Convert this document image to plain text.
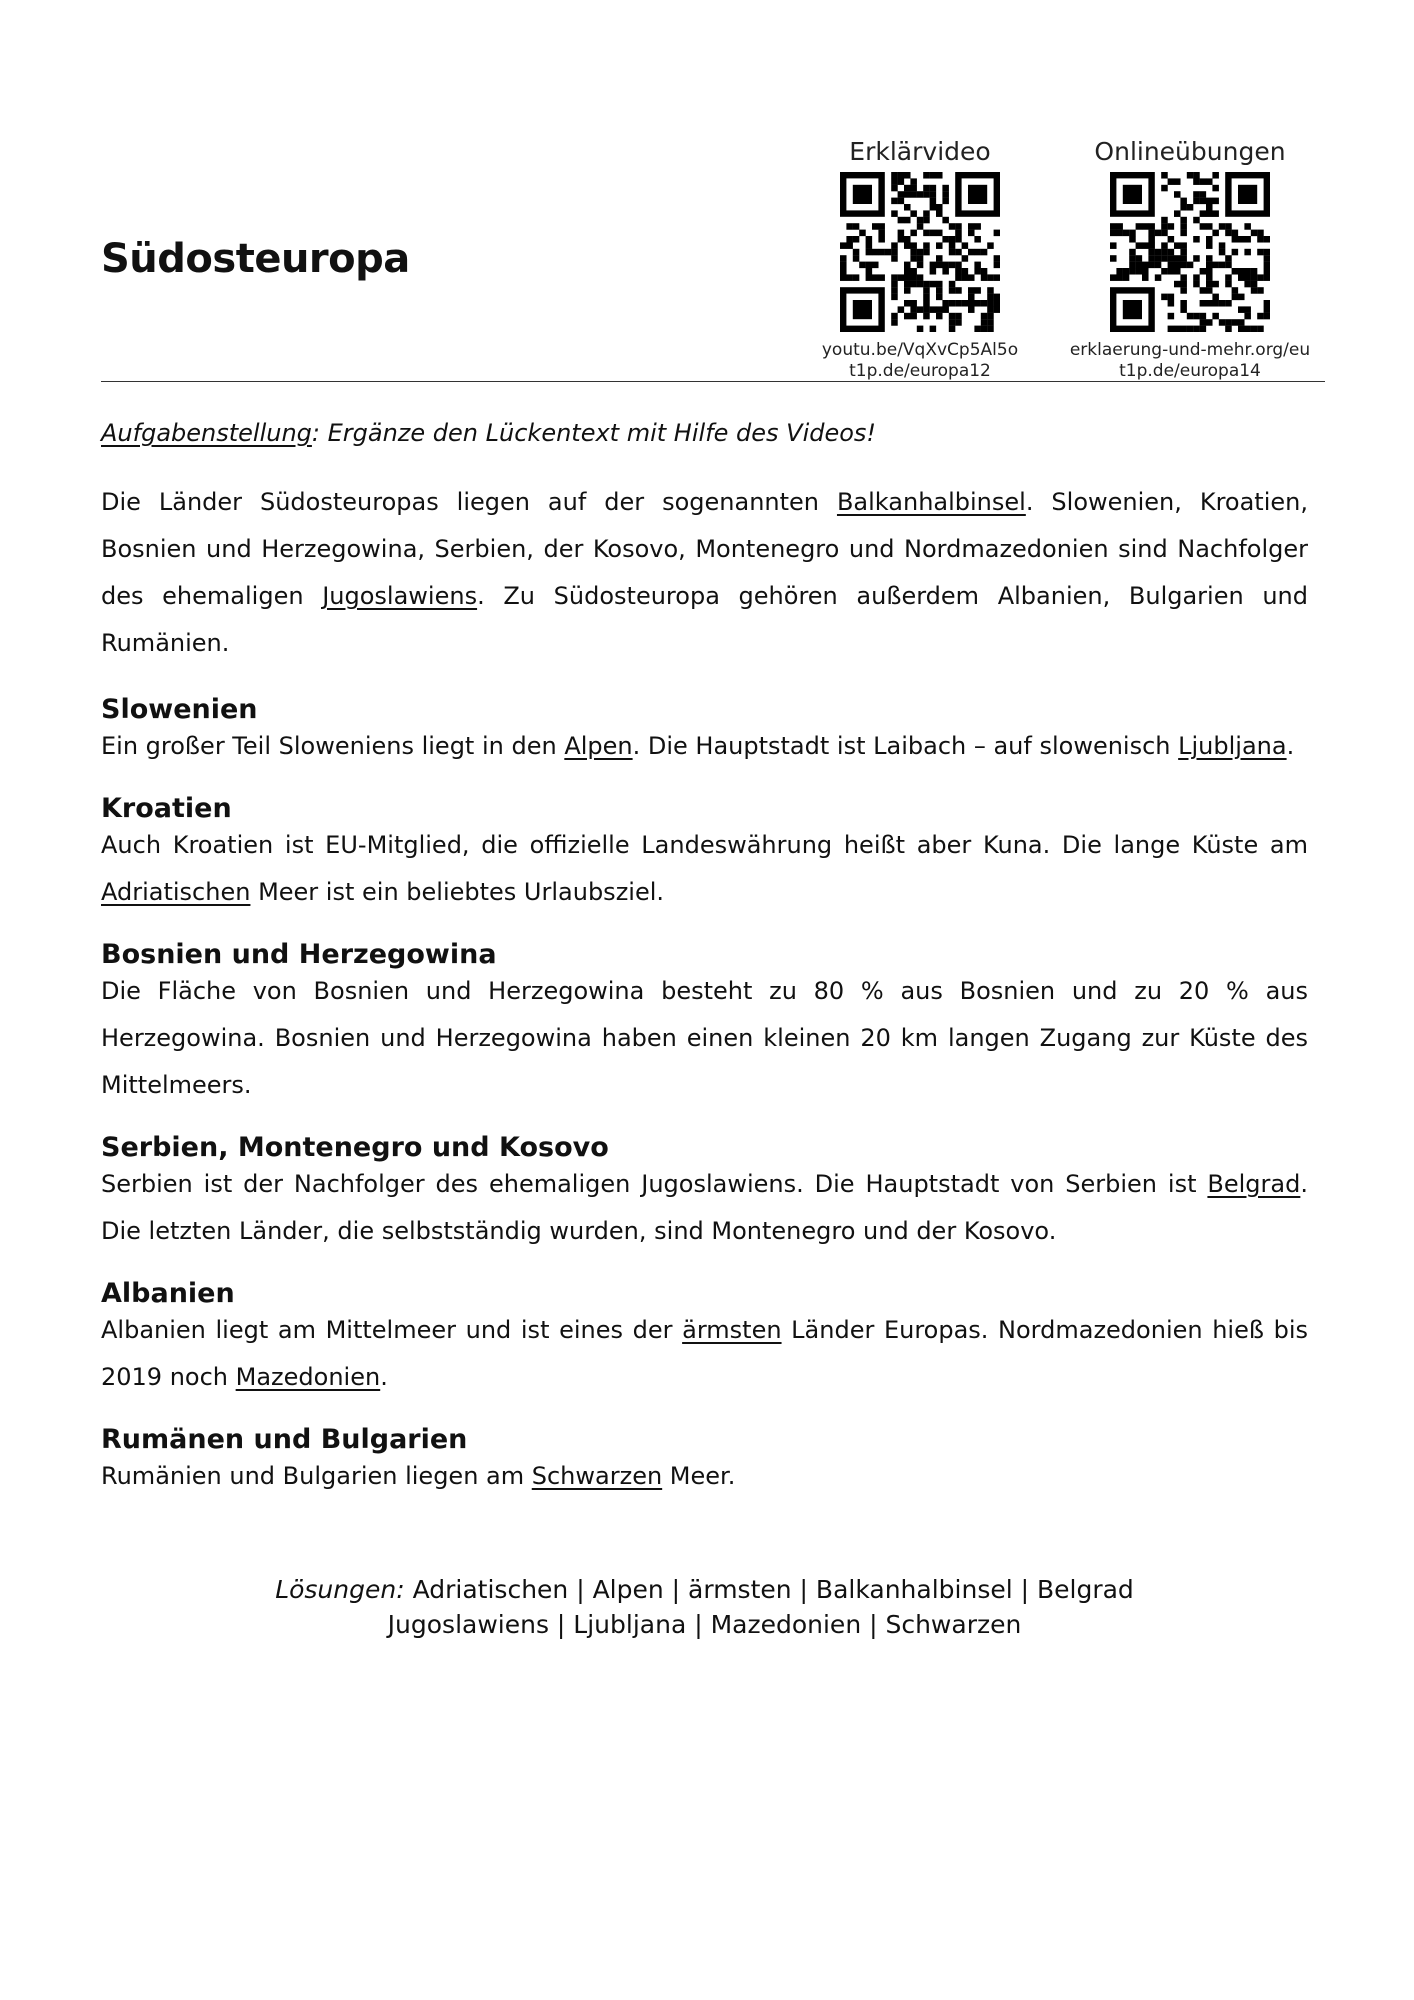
Südosteuropa
Erklärvideo
youtu.be/VqXvCp5Al5o
t1p.de/europa12
Onlineübungen
erklaerung-und-mehr.org/eu
t1p.de/europa14

Aufgabenstellung: Ergänze den Lückentext mit Hilfe des Videos!

Die Länder Südosteuropas liegen auf der sogenannten Balkanhalbinsel. Slowenien, Kroatien, Bosnien und Herzegowina, Serbien, der Kosovo, Montenegro und Nordmazedonien sind Nachfolger des ehemaligen Jugoslawiens. Zu Südosteuropa gehören außerdem Albanien, Bulgarien und Rumänien.

Slowenien

Ein großer Teil Sloweniens liegt in den Alpen. Die Hauptstadt ist Laibach – auf slowenisch Ljubljana.

Kroatien

Auch Kroatien ist EU-Mitglied, die offizielle Landeswährung heißt aber Kuna. Die lange Küste am Adriatischen Meer ist ein beliebtes Urlaubsziel.

Bosnien und Herzegowina

Die Fläche von Bosnien und Herzegowina besteht zu 80 % aus Bosnien und zu 20 % aus Herzegowina. Bosnien und Herzegowina haben einen kleinen 20 km langen Zugang zur Küste des Mittelmeers.

Serbien, Montenegro und Kosovo

Serbien ist der Nachfolger des ehemaligen Jugoslawiens. Die Hauptstadt von Serbien ist Belgrad. Die letzten Länder, die selbstständig wurden, sind Montenegro und der Kosovo.

Albanien

Albanien liegt am Mittelmeer und ist eines der ärmsten Länder Europas. Nordmazedonien hieß bis 2019 noch Mazedonien.

Rumänen und Bulgarien

Rumänien und Bulgarien liegen am Schwarzen Meer.

Lösungen: Adriatischen | Alpen | ärmsten | Balkanhalbinsel | Belgrad
Jugoslawiens | Ljubljana | Mazedonien | Schwarzen
